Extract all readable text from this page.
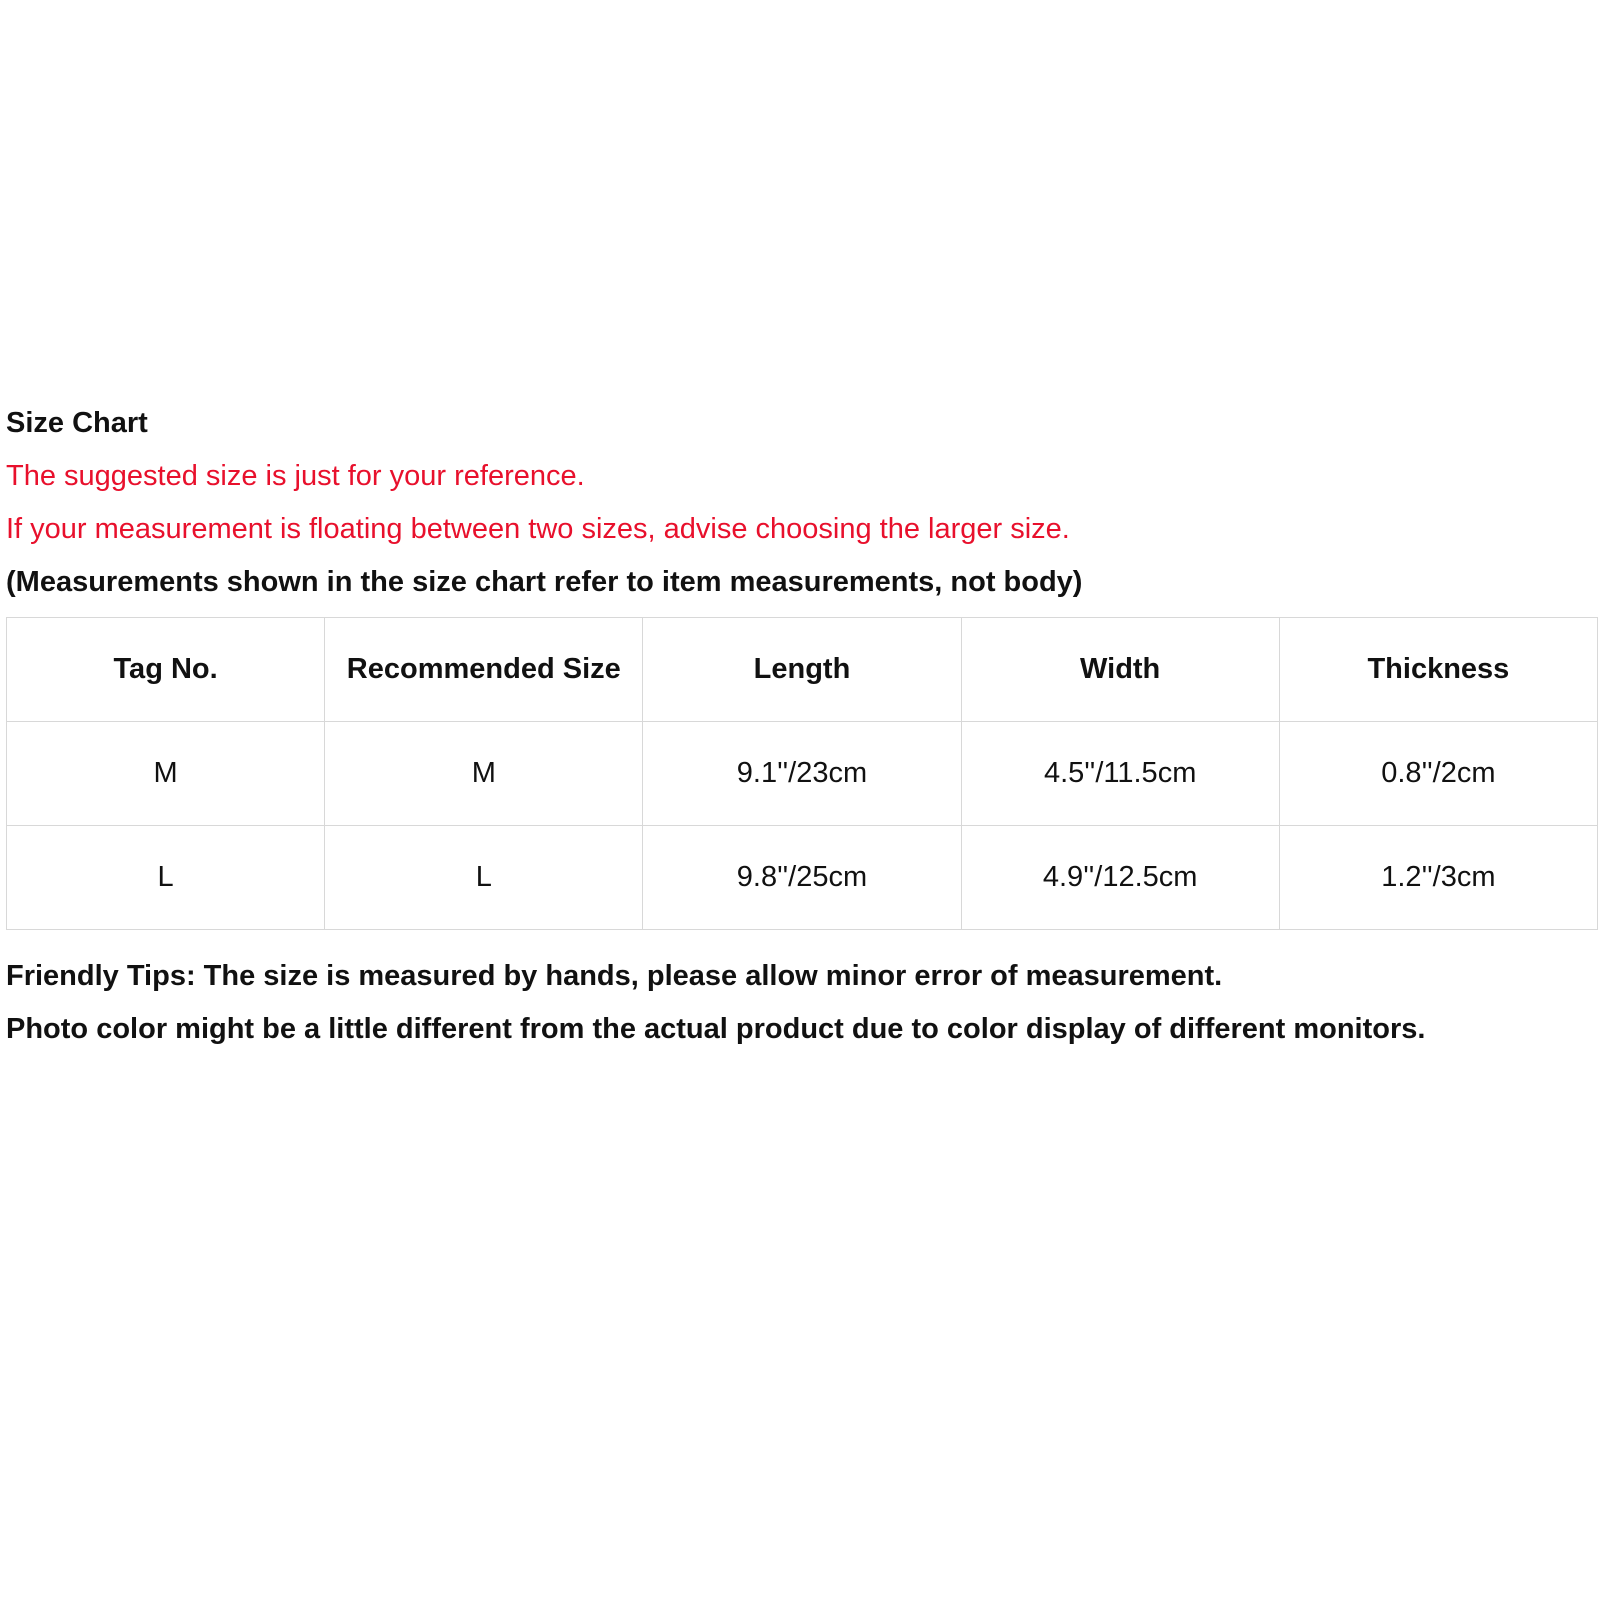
Size Chart
The suggested size is just for your reference.
If your measurement is floating between two sizes, advise choosing the larger size.
(Measurements shown in the size chart refer to item measurements, not body)
Tag No.	Recommended Size	Length	Width	Thickness
M	M	9.1''/23cm	4.5''/11.5cm	0.8''/2cm
L	L	9.8''/25cm	4.9''/12.5cm	1.2''/3cm
Friendly Tips: The size is measured by hands, please allow minor error of measurement.
Photo color might be a little different from the actual product due to color display of different monitors.
